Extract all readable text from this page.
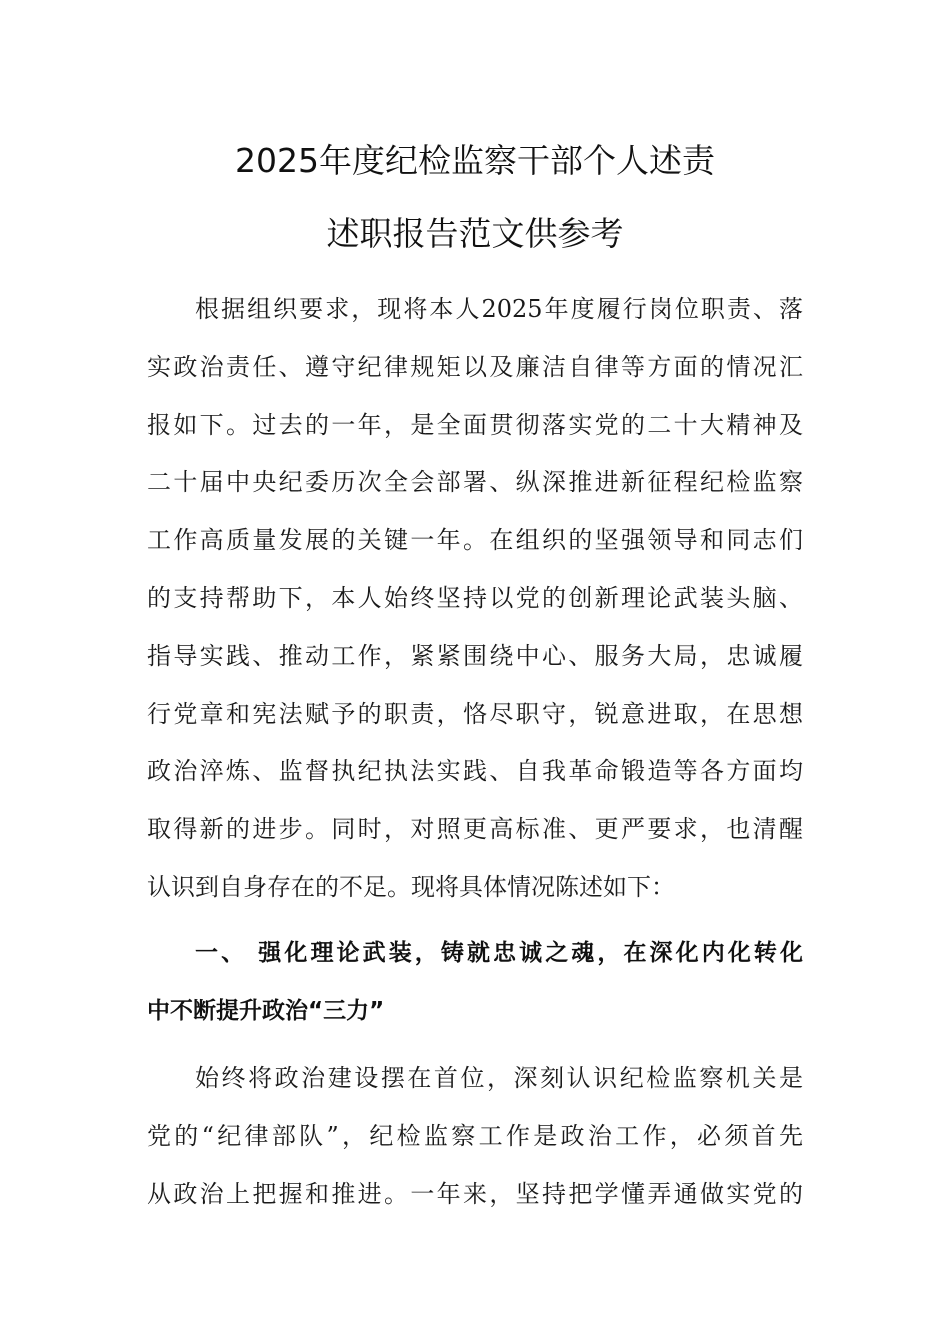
2025年度纪检监察干部个人述责
述职报告范文供参考
根据组织要求，现将本人2025年度履行岗位职责、落
实政治责任、遵守纪律规矩以及廉洁自律等方面的情况汇
报如下。过去的一年，是全面贯彻落实党的二十大精神及
二十届中央纪委历次全会部署、纵深推进新征程纪检监察
工作高质量发展的关键一年。在组织的坚强领导和同志们
的支持帮助下，本人始终坚持以党的创新理论武装头脑、
指导实践、推动工作，紧紧围绕中心、服务大局，忠诚履
行党章和宪法赋予的职责，恪尽职守，锐意进取，在思想
政治淬炼、监督执纪执法实践、自我革命锻造等各方面均
取得新的进步。同时，对照更高标准、更严要求，也清醒
认识到自身存在的不足。现将具体情况陈述如下：
一、 强化理论武装，铸就忠诚之魂，在深化内化转化
中不断提升政治“三力”
始终将政治建设摆在首位，深刻认识纪检监察机关是
党的“纪律部队”，纪检监察工作是政治工作，必须首先
从政治上把握和推进。一年来，坚持把学懂弄通做实党的
